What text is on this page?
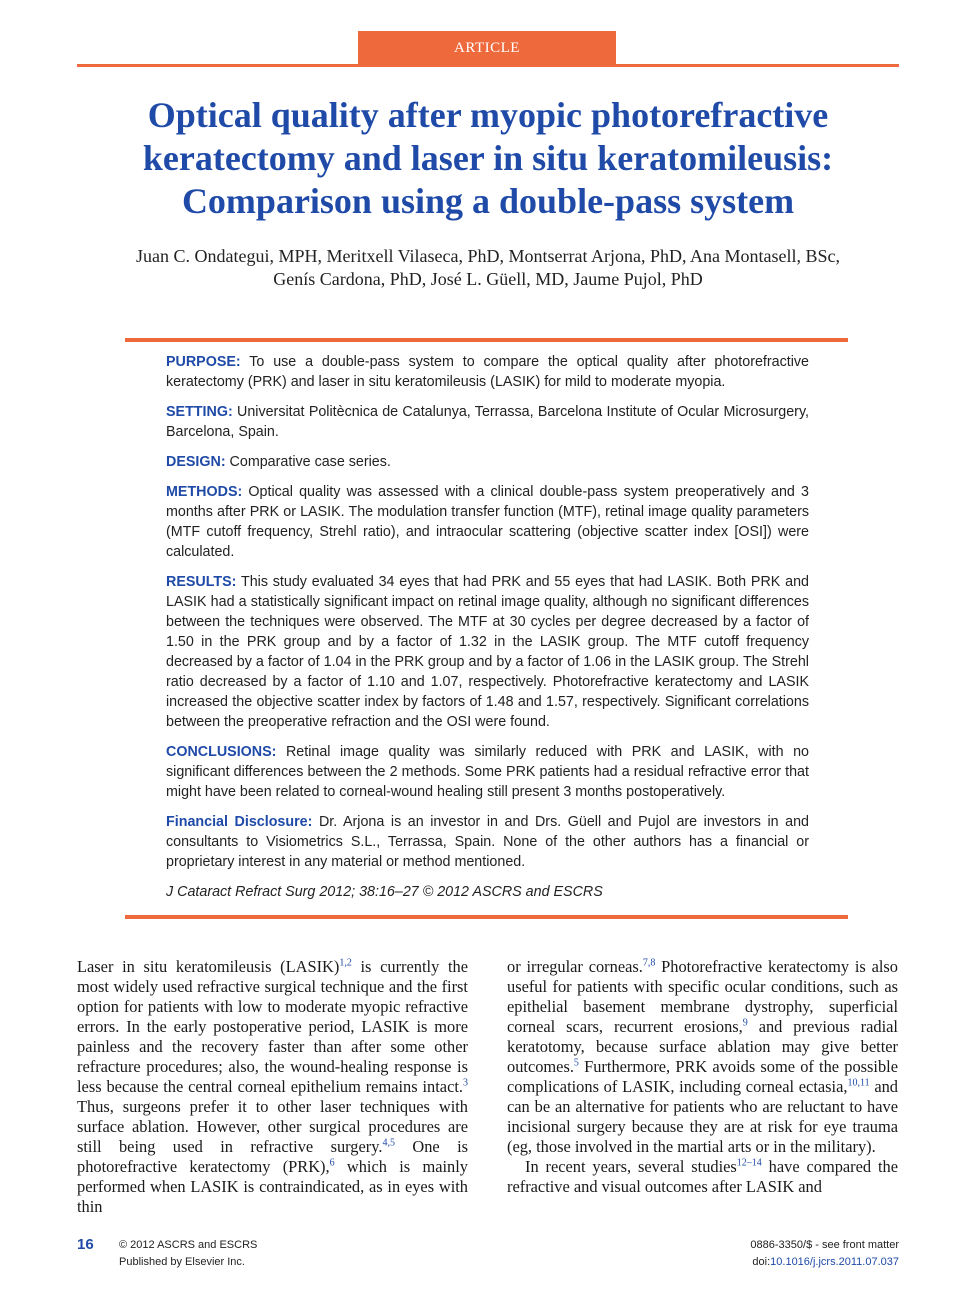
ARTICLE
Optical quality after myopic photorefractive keratectomy and laser in situ keratomileusis: Comparison using a double-pass system
Juan C. Ondategui, MPH, Meritxell Vilaseca, PhD, Montserrat Arjona, PhD, Ana Montasell, BSc,
Genís Cardona, PhD, José L. Güell, MD, Jaume Pujol, PhD

PURPOSE: To use a double-pass system to compare the optical quality after photorefractive keratectomy (PRK) and laser in situ keratomileusis (LASIK) for mild to moderate myopia.

SETTING: Universitat Politècnica de Catalunya, Terrassa, Barcelona Institute of Ocular Microsurgery, Barcelona, Spain.

DESIGN: Comparative case series.

METHODS: Optical quality was assessed with a clinical double-pass system preoperatively and 3 months after PRK or LASIK. The modulation transfer function (MTF), retinal image quality parameters (MTF cutoff frequency, Strehl ratio), and intraocular scattering (objective scatter index [OSI]) were calculated.

RESULTS: This study evaluated 34 eyes that had PRK and 55 eyes that had LASIK. Both PRK and LASIK had a statistically significant impact on retinal image quality, although no significant differences between the techniques were observed. The MTF at 30 cycles per degree decreased by a factor of 1.50 in the PRK group and by a factor of 1.32 in the LASIK group. The MTF cutoff frequency decreased by a factor of 1.04 in the PRK group and by a factor of 1.06 in the LASIK group. The Strehl ratio decreased by a factor of 1.10 and 1.07, respectively. Photorefractive keratectomy and LASIK increased the objective scatter index by factors of 1.48 and 1.57, respectively. Significant correlations between the preoperative refraction and the OSI were found.

CONCLUSIONS: Retinal image quality was similarly reduced with PRK and LASIK, with no significant differences between the 2 methods. Some PRK patients had a residual refractive error that might have been related to corneal-wound healing still present 3 months postoperatively.

Financial Disclosure: Dr. Arjona is an investor in and Drs. Güell and Pujol are investors in and consultants to Visiometrics S.L., Terrassa, Spain. None of the other authors has a financial or proprietary interest in any material or method mentioned.

J Cataract Refract Surg 2012; 38:16–27 © 2012 ASCRS and ESCRS

Laser in situ keratomileusis (LASIK)$^{1,2}$ is currently the most widely used refractive surgical technique and the first option for patients with low to moderate myopic refractive errors. In the early postoperative period, LASIK is more painless and the recovery faster than after some other refracture procedures; also, the wound-healing response is less because the central corneal epithelium remains intact.$^3$ Thus, surgeons prefer it to other laser techniques with surface ablation. However, other surgical procedures are still being used in refractive surgery.$^{4,5}$ One is photorefractive keratectomy (PRK),$^6$ which is mainly performed when LASIK is contraindicated, as in eyes with thin
or irregular corneas.$^{7,8}$ Photorefractive keratectomy is also useful for patients with specific ocular conditions, such as epithelial basement membrane dystrophy, superficial corneal scars, recurrent erosions,$^9$ and previous radial keratotomy, because surface ablation may give better outcomes.$^5$ Furthermore, PRK avoids some of the possible complications of LASIK, including corneal ectasia,$^{10,11}$ and can be an alternative for patients who are reluctant to have incisional surgery because they are at risk for eye trauma (eg, those involved in the martial arts or in the military).
In recent years, several studies$^{12-14}$ have compared the refractive and visual outcomes after LASIK and
16 © 2012 ASCRS and ESCRS
Published by Elsevier Inc.
0886-3350/$ - see front matter
doi:10.1016/j.jcrs.2011.07.037
